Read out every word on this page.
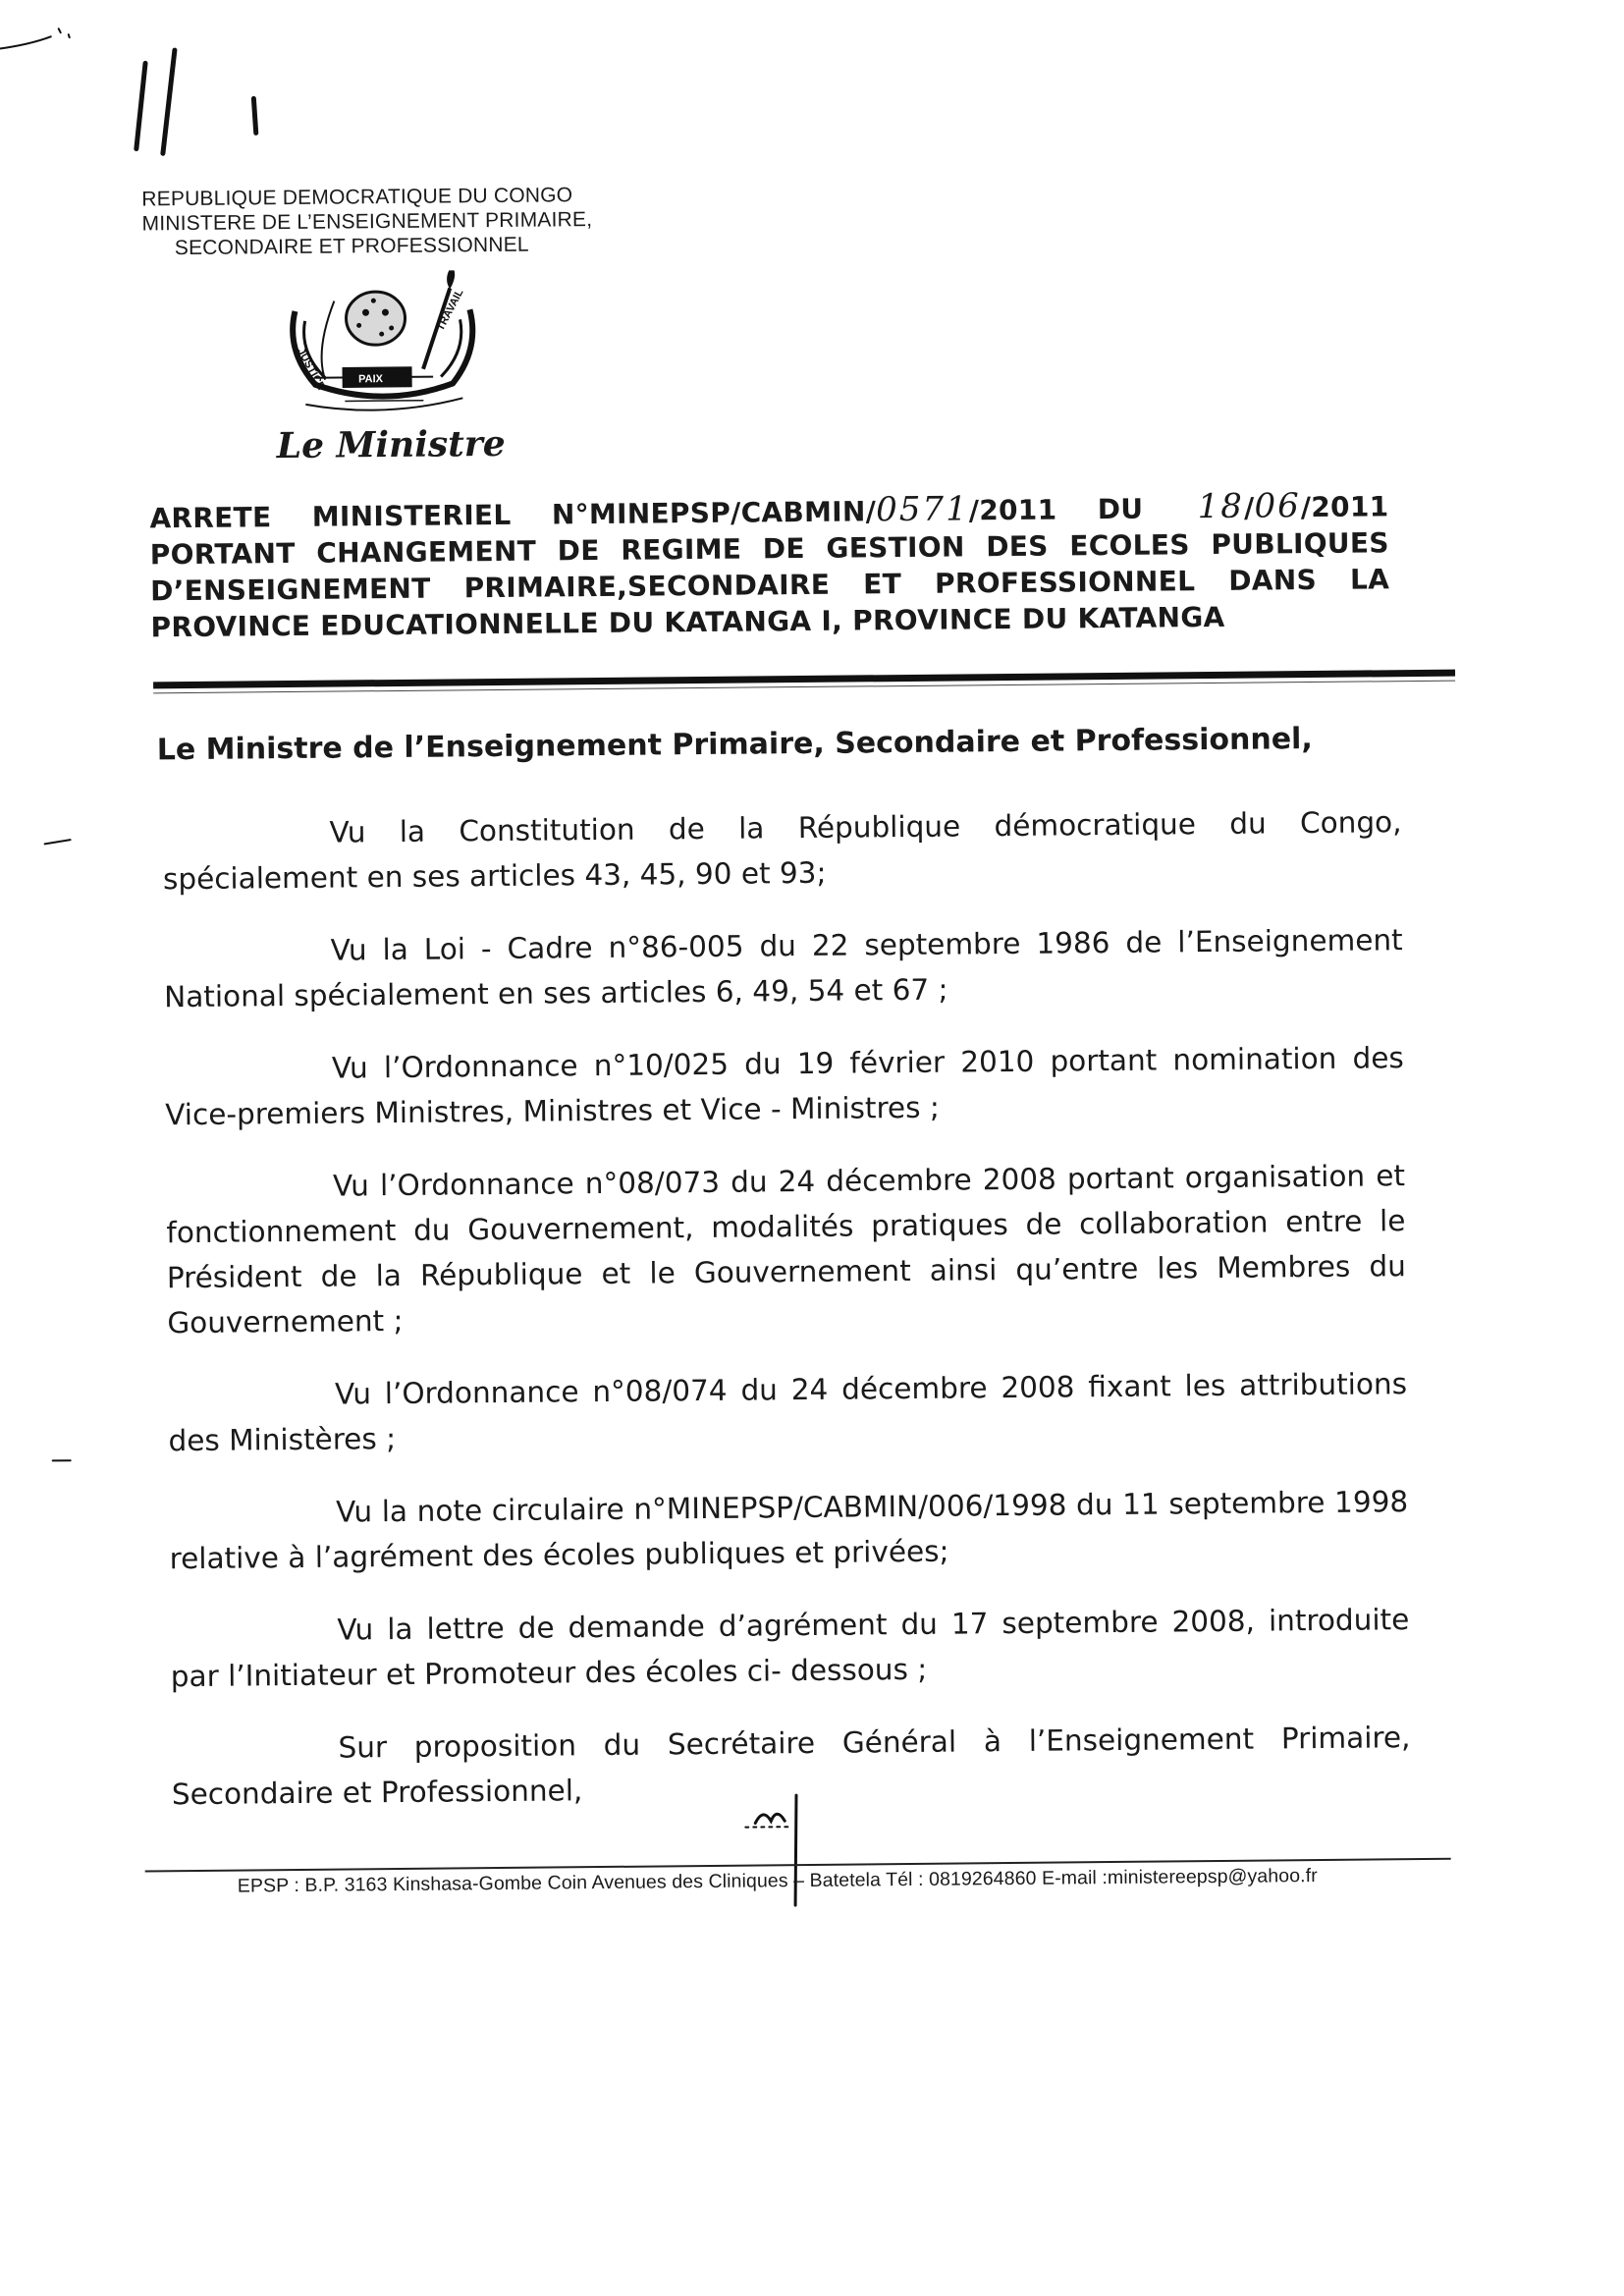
REPUBLIQUE DEMOCRATIQUE DU CONGO
MINISTERE DE L’ENSEIGNEMENT PRIMAIRE,
SECONDAIRE ET PROFESSIONNEL
JUSTICE
TRAVAIL
PAIX
Le Ministre
ARRETE MINISTERIEL N°MINEPSP/CABMIN/0571/2011 DU 18/06/2011
PORTANT CHANGEMENT DE REGIME DE GESTION DES ECOLES PUBLIQUES
D’ENSEIGNEMENT PRIMAIRE,SECONDAIRE ET PROFESSIONNEL DANS LA
PROVINCE EDUCATIONNELLE DU KATANGA I, PROVINCE DU KATANGA
Le Ministre de l’Enseignement Primaire, Secondaire et Professionnel,

Vu la Constitution de la République démocratique du Congo, spécialement en ses articles 43, 45, 90 et 93;

Vu la Loi - Cadre n°86-005 du 22 septembre 1986 de l’Enseignement National spécialement en ses articles 6, 49, 54 et 67 ;

Vu l’Ordonnance n°10/025 du 19 février 2010 portant nomination des Vice-premiers Ministres, Ministres et Vice - Ministres ;

Vu l’Ordonnance n°08/073 du 24 décembre 2008 portant organisation et fonctionnement du Gouvernement, modalités pratiques de collaboration entre le Président de la République et le Gouvernement ainsi qu’entre les Membres du Gouvernement ;

Vu l’Ordonnance n°08/074 du 24 décembre 2008 fixant les attributions des Ministères ;

Vu la note circulaire n°MINEPSP/CABMIN/006/1998 du 11 septembre 1998 relative à l’agrément des écoles publiques et privées;

Vu la lettre de demande d’agrément du 17 septembre 2008, introduite par l’Initiateur et Promoteur des écoles ci- dessous ;

Sur proposition du Secrétaire Général à l’Enseignement Primaire, Secondaire et Professionnel,

EPSP : B.P. 3163 Kinshasa-Gombe Coin Avenues des Cliniques – Batetela Tél : 0819264860 E-mail :ministereepsp@yahoo.fr
